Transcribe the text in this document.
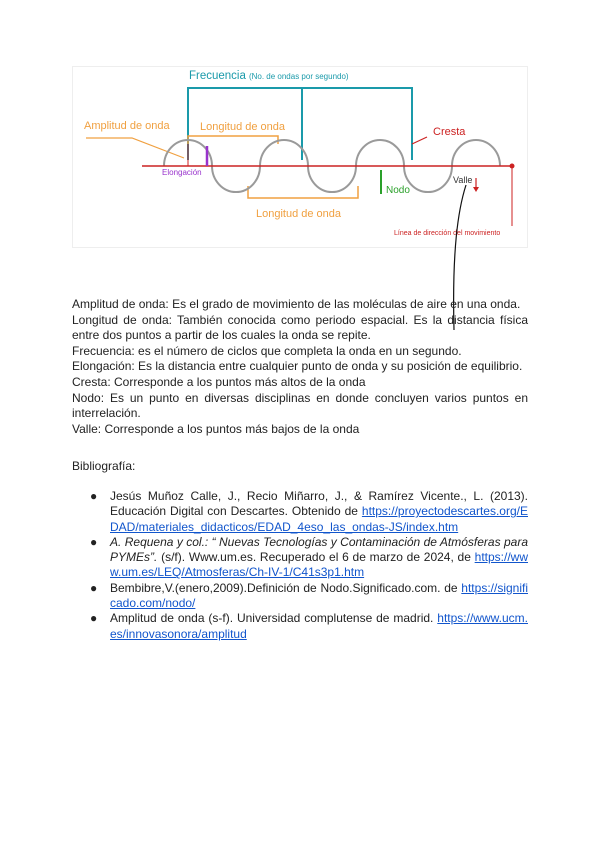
Frecuencia (No. de ondas por segundo)
Amplitud de onda	Longitud de onda	Cresta
Elongación
Nodo
Valle
Longitud de onda
Línea de dirección del movimiento

Amplitud de onda: Es el grado de movimiento de las moléculas de aire en una onda.

Longitud de onda: También conocida como periodo espacial. Es la distancia física entre dos puntos a partir de los cuales la onda se repite.

Frecuencia: es el número de ciclos que completa la onda en un segundo.

Elongación: Es la distancia entre cualquier punto de onda y su posición de equilibrio.

Cresta: Corresponde a los puntos más altos de la onda

Nodo: Es un punto en diversas disciplinas en donde concluyen varios puntos en interrelación.

Valle: Corresponde a los puntos más bajos de la onda

Bibliografía:
● Jesús Muñoz Calle, J., Recio Miñarro, J., & Ramírez Vicente., L. (2013). Educación Digital con Descartes. Obtenido de https://proyectodescartes.org/EDAD/materiales_didacticos/EDAD_4eso_las_ondas-JS/index.htm
● A. Requena y col.: “ Nuevas Tecnologías y Contaminación de Atmósferas para PYMEs”. (s/f). Www.um.es. Recuperado el 6 de marzo de 2024, de https://www.um.es/LEQ/Atmosferas/Ch-IV-1/C41s3p1.htm
● Bembibre,V.(enero,2009).Definición de Nodo.Significado.com. de https://significado.com/nodo/
● Amplitud de onda (s-f). Universidad complutense de madrid. https://www.ucm.es/innovasonora/amplitud
